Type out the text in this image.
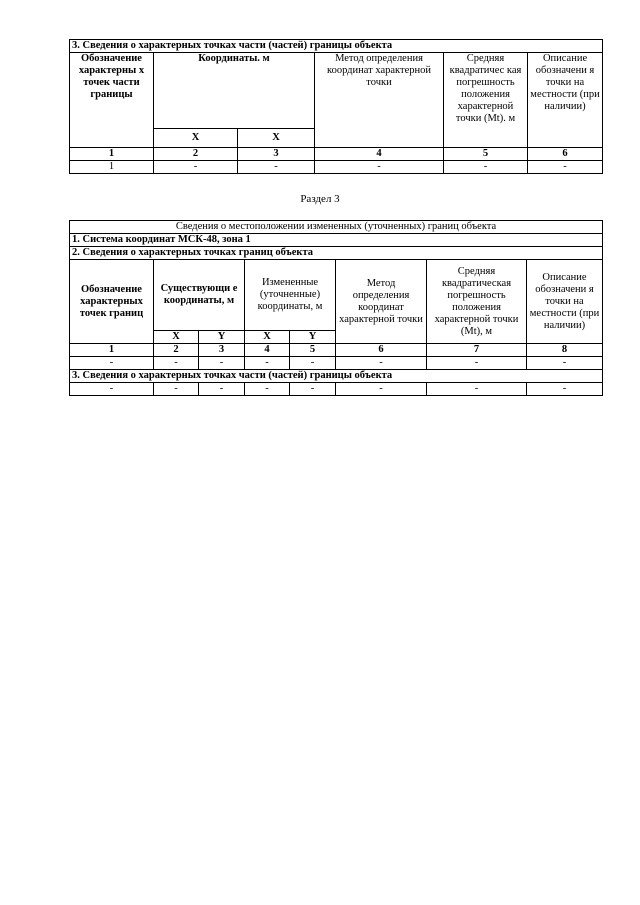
3. Сведения о характерных точках части (частей) границы объекта					
Обозначение характерны х точек части границы	Координаты. м		Метод определения координат характерной точки	Средняя квадратичес кая погрешность положения характерной точки (Mt). м	Описание обозначени я точки на местности (при наличии)
	X	X			
1	2	3	4	5	6
1	-	-	-	-	-
Раздел 3
Сведения о местоположении измененных (уточненных) границ объекта							
1. Система координат МСК-48, зона 1							
2. Сведения о характерных точках границ объекта							
Обозначение характерных точек границ	Существующи е координаты, м		Измененные (уточненные) координаты, м		Метод определения координат характерной точки	Средняя квадратическая погрешность положения характерной точки (Mt), м	Описание обозначени я точки на местности (при наличии)
	X	Y	X	Y			
1	2	3	4	5	6	7	8
-	-	-	-	-	-	-	-
3. Сведения о характерных точках части (частей) границы объекта							
-	-	-	-	-	-	-	-
